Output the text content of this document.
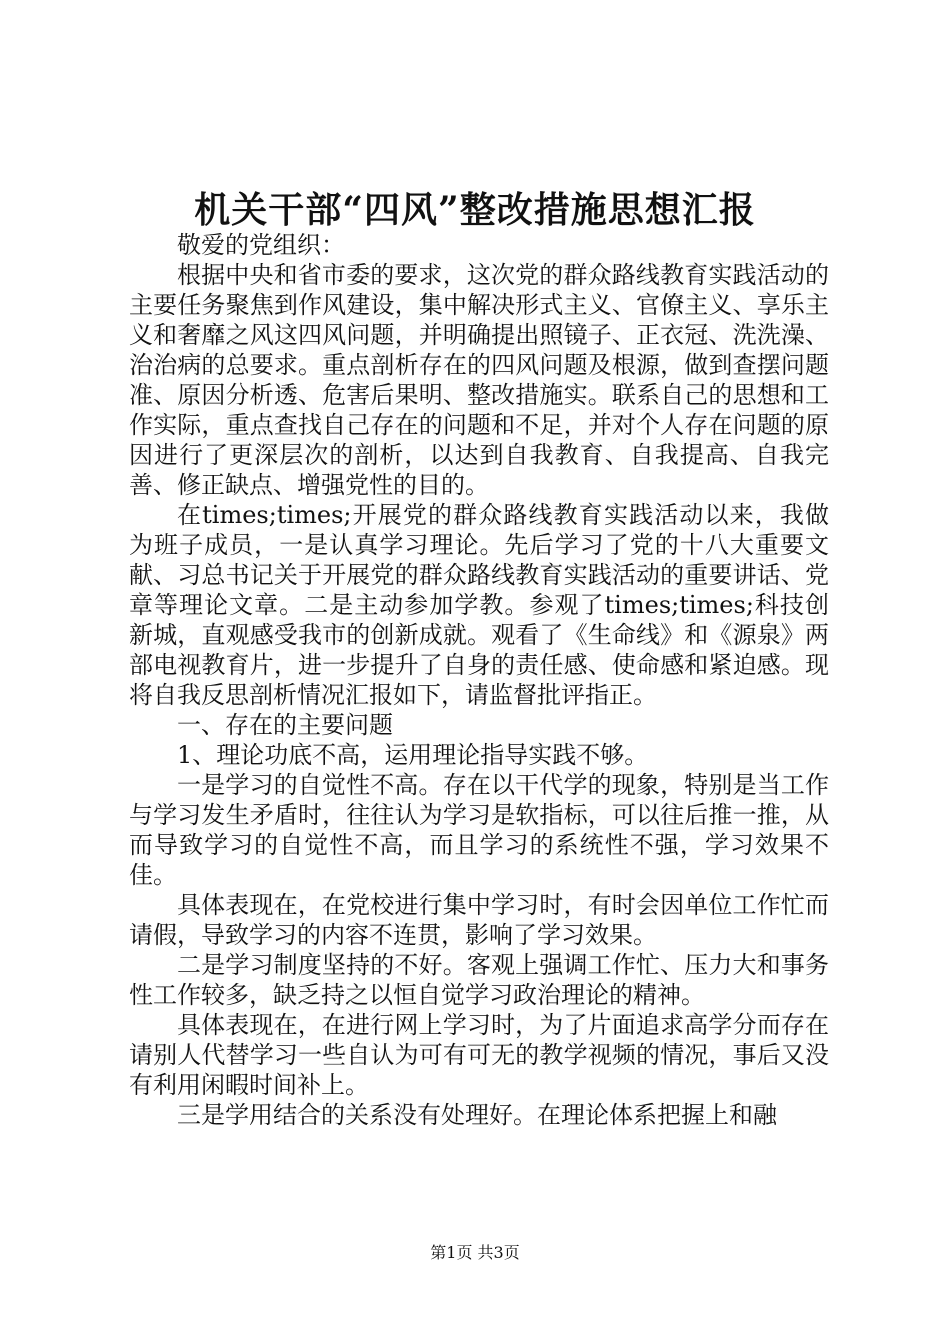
机关干部“四风”整改措施思想汇报

敬爱的党组织：

根据中央和省市委的要求，这次党的群众路线教育实践活动的主要任务聚焦到作风建设，集中解决形式主义、官僚主义、享乐主义和奢靡之风这四风问题，并明确提出照镜子、正衣冠、洗洗澡、治治病的总要求。重点剖析存在的四风问题及根源，做到查摆问题准、原因分析透、危害后果明、整改措施实。联系自己的思想和工作实际，重点查找自己存在的问题和不足，并对个人存在问题的原因进行了更深层次的剖析，以达到自我教育、自我提高、自我完善、修正缺点、增强党性的目的。

在times;times;开展党的群众路线教育实践活动以来，我做为班子成员，一是认真学习理论。先后学习了党的十八大重要文献、习总书记关于开展党的群众路线教育实践活动的重要讲话、党章等理论文章。二是主动参加学教。参观了times;times;科技创新城，直观感受我市的创新成就。观看了《生命线》和《源泉》两部电视教育片，进一步提升了自身的责任感、使命感和紧迫感。现将自我反思剖析情况汇报如下，请监督批评指正。

一、存在的主要问题

1、理论功底不高，运用理论指导实践不够。

一是学习的自觉性不高。存在以干代学的现象，特别是当工作与学习发生矛盾时，往往认为学习是软指标，可以往后推一推，从而导致学习的自觉性不高，而且学习的系统性不强，学习效果不佳。

具体表现在，在党校进行集中学习时，有时会因单位工作忙而请假，导致学习的内容不连贯，影响了学习效果。

二是学习制度坚持的不好。客观上强调工作忙、压力大和事务性工作较多，缺乏持之以恒自觉学习政治理论的精神。

具体表现在，在进行网上学习时，为了片面追求高学分而存在请别人代替学习一些自认为可有可无的教学视频的情况，事后又没有利用闲暇时间补上。

三是学用结合的关系没有处理好。在理论体系把握上和融

第1页 共3页
